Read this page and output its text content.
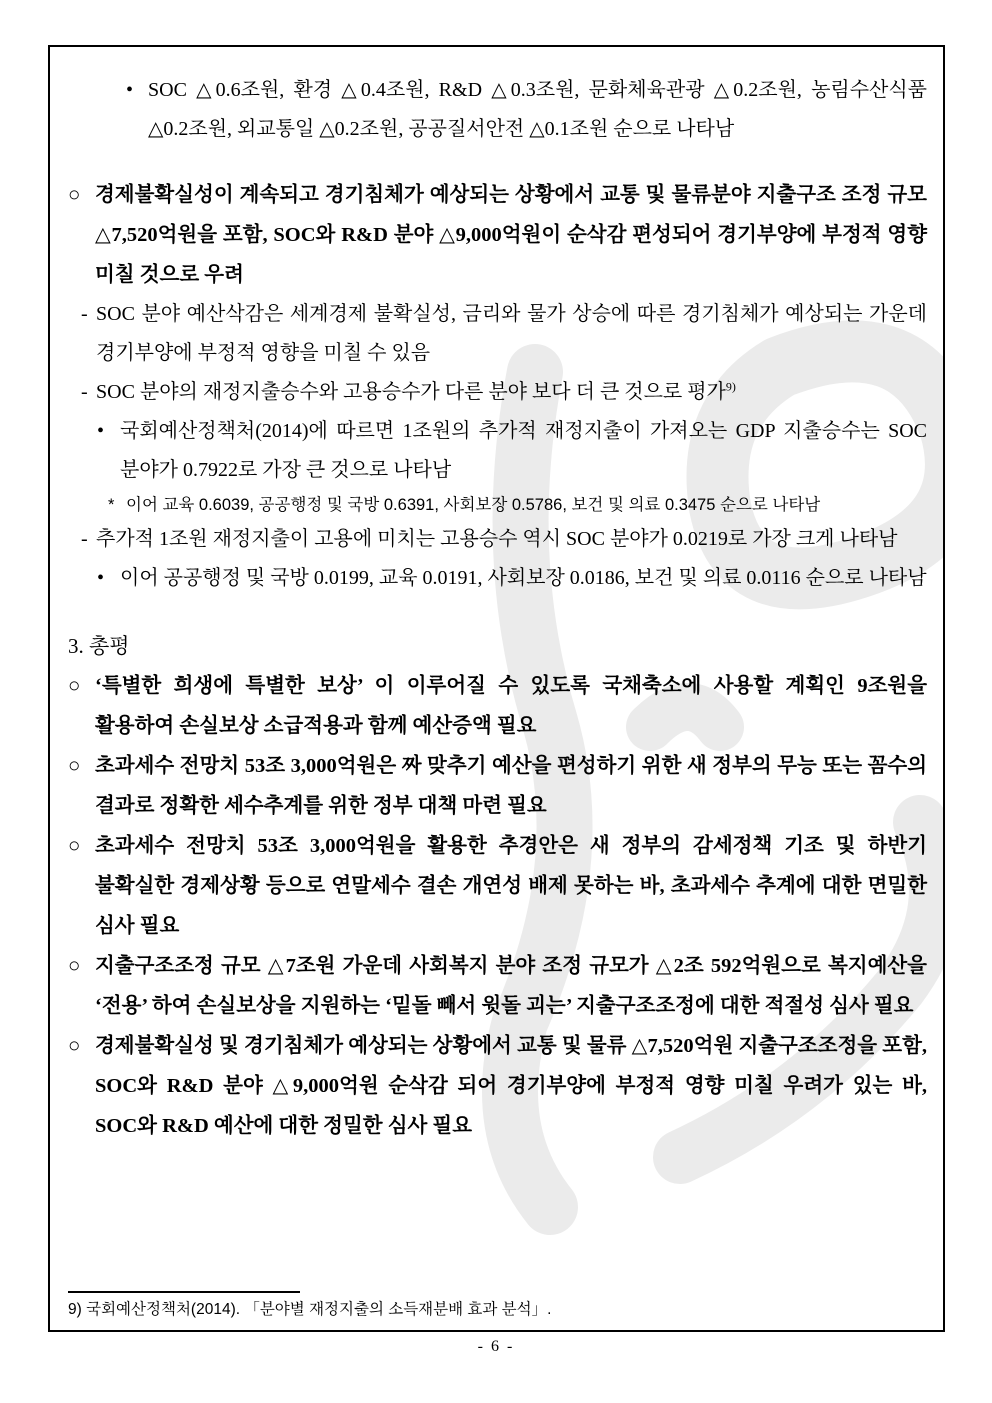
• SOC △0.6조원, 환경 △0.4조원, R&D △0.3조원, 문화체육관광 △0.2조원, 농림수산식품 △0.2조원, 외교통일 △0.2조원, 공공질서안전 △0.1조원 순으로 나타남
○ 경제불확실성이 계속되고 경기침체가 예상되는 상황에서 교통 및 물류분야 지출구조 조정 규모 △7,520억원을 포함, SOC와 R&D 분야 △9,000억원이 순삭감 편성되어 경기부양에 부정적 영향 미칠 것으로 우려
- SOC 분야 예산삭감은 세계경제 불확실성, 금리와 물가 상승에 따른 경기침체가 예상되는 가운데 경기부양에 부정적 영향을 미칠 수 있음
- SOC 분야의 재정지출승수와 고용승수가 다른 분야 보다 더 큰 것으로 평가$^{9)}$
• 국회예산정책처(2014)에 따르면 1조원의 추가적 재정지출이 가져오는 GDP 지출승수는 SOC 분야가 0.7922로 가장 큰 것으로 나타남
* 이어 교육 0.6039, 공공행정 및 국방 0.6391, 사회보장 0.5786, 보건 및 의료 0.3475 순으로 나타남
- 추가적 1조원 재정지출이 고용에 미치는 고용승수 역시 SOC 분야가 0.0219로 가장 크게 나타남
• 이어 공공행정 및 국방 0.0199, 교육 0.0191, 사회보장 0.0186, 보건 및 의료 0.0116 순으로 나타남
3. 총평
○ ‘특별한 희생에 특별한 보상’ 이 이루어질 수 있도록 국채축소에 사용할 계획인 9조원을 활용하여 손실보상 소급적용과 함께 예산증액 필요
○ 초과세수 전망치 53조 3,000억원은 짜 맞추기 예산을 편성하기 위한 새 정부의 무능 또는 꼼수의 결과로 정확한 세수추계를 위한 정부 대책 마련 필요
○ 초과세수 전망치 53조 3,000억원을 활용한 추경안은 새 정부의 감세정책 기조 및 하반기 불확실한 경제상황 등으로 연말세수 결손 개연성 배제 못하는 바, 초과세수 추계에 대한 면밀한 심사 필요
○ 지출구조조정 규모 △7조원 가운데 사회복지 분야 조정 규모가 △2조 592억원으로 복지예산을 ‘전용’ 하여 손실보상을 지원하는 ‘밑돌 빼서 윗돌 괴는’ 지출구조조정에 대한 적절성 심사 필요
○ 경제불확실성 및 경기침체가 예상되는 상황에서 교통 및 물류 △7,520억원 지출구조조정을 포함, SOC와 R&D 분야 △9,000억원 순삭감 되어 경기부양에 부정적 영향 미칠 우려가 있는 바, SOC와 R&D 예산에 대한 정밀한 심사 필요
9) 국회예산정책처(2014). 「분야별 재정지출의 소득재분배 효과 분석」.
- 6 -
